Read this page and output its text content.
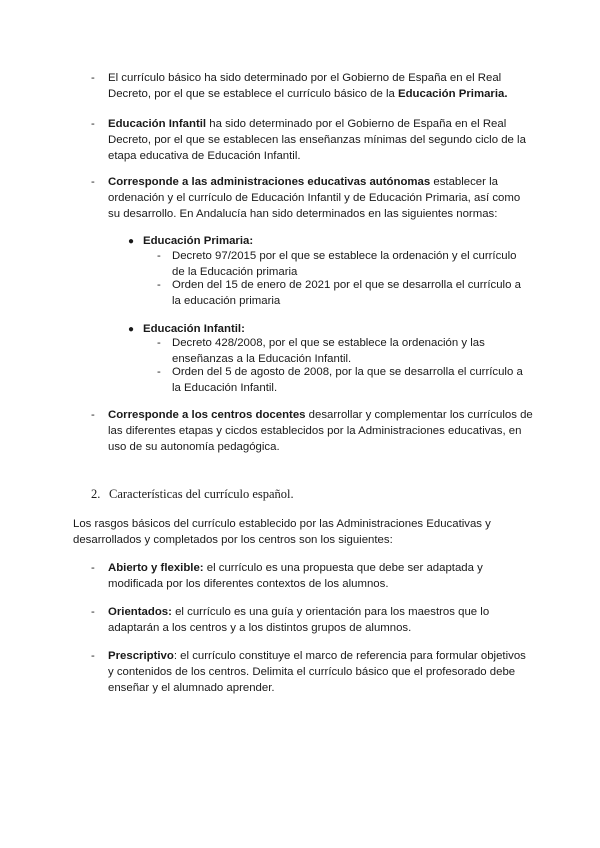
- El currículo básico ha sido determinado por el Gobierno de España en el Real Decreto, por el que se establece el currículo básico de la Educación Primaria.
- Educación Infantil ha sido determinado por el Gobierno de España en el Real Decreto, por el que se establecen las enseñanzas mínimas del segundo ciclo de la etapa educativa de Educación Infantil.
- Corresponde a las administraciones educativas autónomas establecer la ordenación y el currículo de Educación Infantil y de Educación Primaria, así como su desarrollo. En Andalucía han sido determinados en las siguientes normas:
● Educación Primaria:
- Decreto 97/2015 por el que se establece la ordenación y el currículo de la Educación primaria
- Orden del 15 de enero de 2021 por el que se desarrolla el currículo a la educación primaria
● Educación Infantil:
- Decreto 428/2008, por el que se establece la ordenación y las enseñanzas a la Educación Infantil.
- Orden del 5 de agosto de 2008, por la que se desarrolla el currículo a la Educación Infantil.
- Corresponde a los centros docentes desarrollar y complementar los currículos de las diferentes etapas y cicdos establecidos por la Administraciones educativas, en uso de su autonomía pedagógica.
2. Características del currículo español.
Los rasgos básicos del currículo establecido por las Administraciones Educativas y desarrollados y completados por los centros son los siguientes:
- Abierto y flexible: el currículo es una propuesta que debe ser adaptada y modificada por los diferentes contextos de los alumnos.
- Orientados: el currículo es una guía y orientación para los maestros que lo adaptarán a los centros y a los distintos grupos de alumnos.
- Prescriptivo: el currículo constituye el marco de referencia para formular objetivos y contenidos de los centros. Delimita el currículo básico que el profesorado debe enseñar y el alumnado aprender.
